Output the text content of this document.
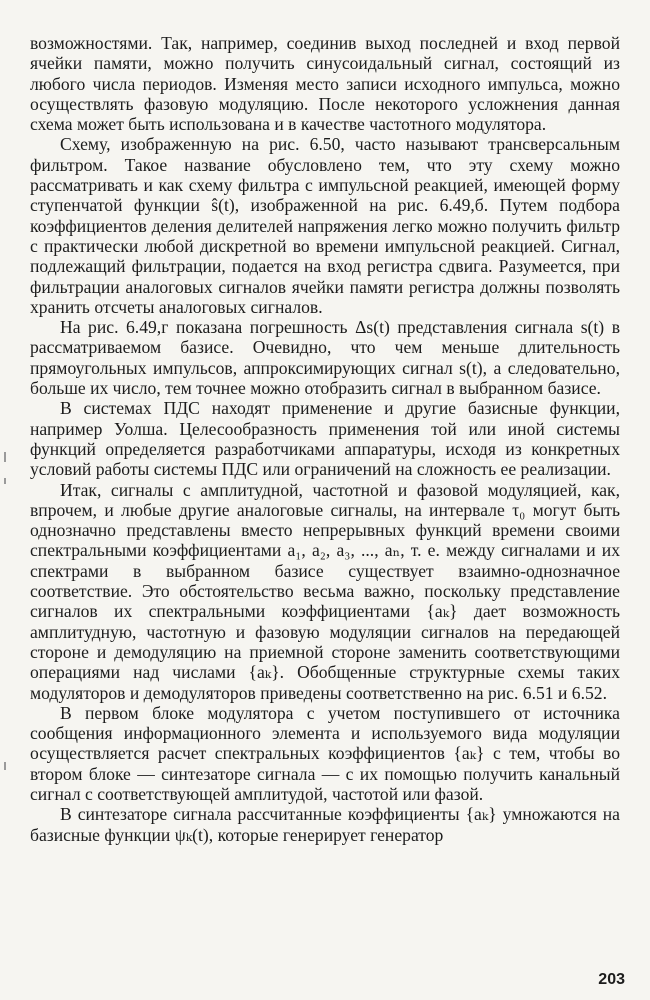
возможностями. Так, например, соединив выход последней и вход первой ячейки памяти, можно получить синусоидальный сигнал, состоящий из любого числа периодов. Изменяя место записи исходного импульса, можно осуществлять фазовую модуляцию. После некоторого усложнения данная схема может быть использована и в качестве частотного модулятора.

Схему, изображенную на рис. 6.50, часто называют трансверсальным фильтром. Такое название обусловлено тем, что эту схему можно рассматривать и как схему фильтра с импульсной реакцией, имеющей форму ступенчатой функции ŝ(t), изображенной на рис. 6.49,б. Путем подбора коэффициентов деления делителей напряжения легко можно получить фильтр с практически любой дискретной во времени импульсной реакцией. Сигнал, подлежащий фильтрации, подается на вход регистра сдвига. Разумеется, при фильтрации аналоговых сигналов ячейки памяти регистра должны позволять хранить отсчеты аналоговых сигналов.

На рис. 6.49,г показана погрешность Δs(t) представления сигнала s(t) в рассматриваемом базисе. Очевидно, что чем меньше длительность прямоугольных импульсов, аппроксимирующих сигнал s(t), а следовательно, больше их число, тем точнее можно отобразить сигнал в выбранном базисе.

В системах ПДС находят применение и другие базисные функции, например Уолша. Целесообразность применения той или иной системы функций определяется разработчиками аппаратуры, исходя из конкретных условий работы системы ПДС или ограничений на сложность ее реализации.

Итак, сигналы с амплитудной, частотной и фазовой модуляцией, как, впрочем, и любые другие аналоговые сигналы, на интервале τ₀ могут быть однозначно представлены вместо непрерывных функций времени своими спектральными коэффициентами a₁, a₂, a₃, ..., aₙ, т. е. между сигналами и их спектрами в выбранном базисе существует взаимно-однозначное соответствие. Это обстоятельство весьма важно, поскольку представление сигналов их спектральными коэффициентами {aₖ} дает возможность амплитудную, частотную и фазовую модуляции сигналов на передающей стороне и демодуляцию на приемной стороне заменить соответствующими операциями над числами {aₖ}. Обобщенные структурные схемы таких модуляторов и демодуляторов приведены соответственно на рис. 6.51 и 6.52.

В первом блоке модулятора с учетом поступившего от источника сообщения информационного элемента и используемого вида модуляции осуществляется расчет спектральных коэффициентов {aₖ} с тем, чтобы во втором блоке — синтезаторе сигнала — с их помощью получить канальный сигнал с соответствующей амплитудой, частотой или фазой.

В синтезаторе сигнала рассчитанные коэффициенты {aₖ} умножаются на базисные функции ψₖ(t), которые генерирует генератор

203
